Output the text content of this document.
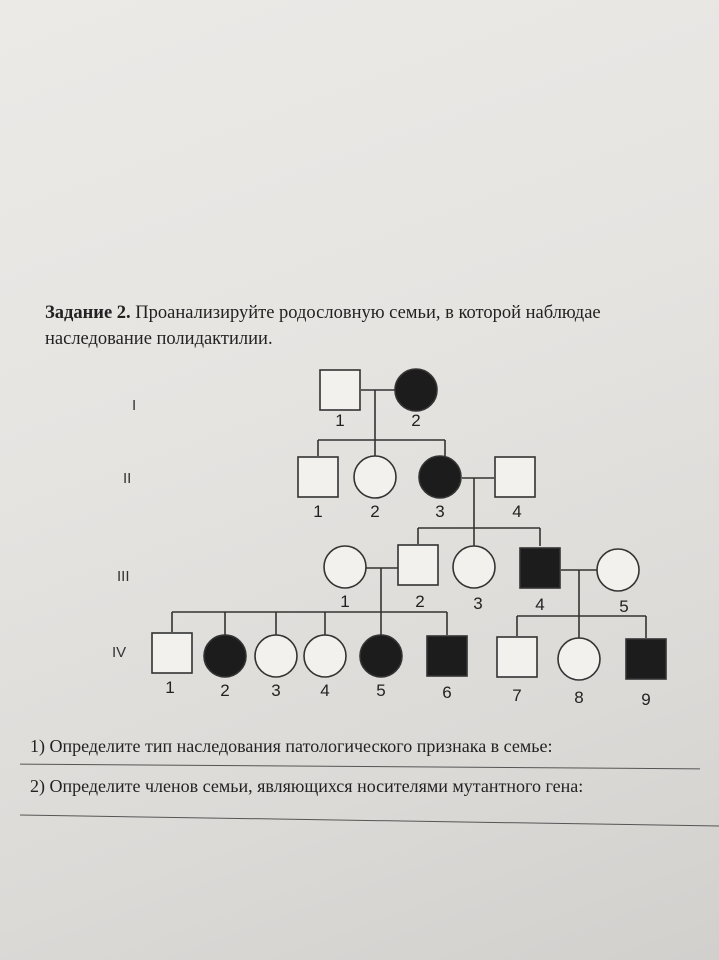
Задание 2. Проанализируйте родословную семьи, в которой наблюдае
наследование полидактилии.
I
II
III
IV
1	2
1	2	3	4
1	2	3	4	5
1	2 3 4	5	6	7	8	9
1) Определите тип наследования патологического признака в семье:
2) Определите членов семьи, являющихся носителями мутантного гена:
